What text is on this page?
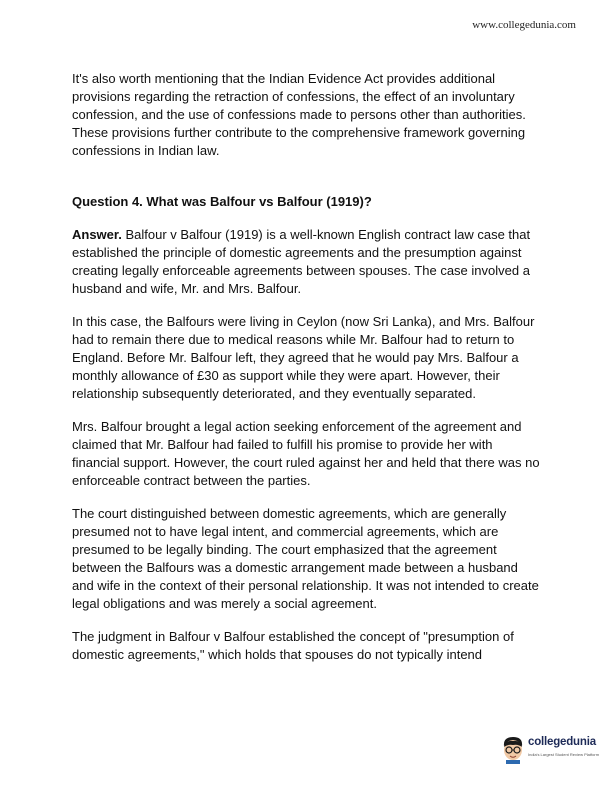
www.collegedunia.com

It's also worth mentioning that the Indian Evidence Act provides additional provisions regarding the retraction of confessions, the effect of an involuntary confession, and the use of confessions made to persons other than authorities. These provisions further contribute to the comprehensive framework governing confessions in Indian law.

Question 4. What was Balfour vs Balfour (1919)?

Answer. Balfour v Balfour (1919) is a well-known English contract law case that established the principle of domestic agreements and the presumption against creating legally enforceable agreements between spouses. The case involved a husband and wife, Mr. and Mrs. Balfour.

In this case, the Balfours were living in Ceylon (now Sri Lanka), and Mrs. Balfour had to remain there due to medical reasons while Mr. Balfour had to return to England. Before Mr. Balfour left, they agreed that he would pay Mrs. Balfour a monthly allowance of £30 as support while they were apart. However, their relationship subsequently deteriorated, and they eventually separated.

Mrs. Balfour brought a legal action seeking enforcement of the agreement and claimed that Mr. Balfour had failed to fulfill his promise to provide her with financial support. However, the court ruled against her and held that there was no enforceable contract between the parties.

The court distinguished between domestic agreements, which are generally presumed not to have legal intent, and commercial agreements, which are presumed to be legally binding. The court emphasized that the agreement between the Balfours was a domestic arrangement made between a husband and wife in the context of their personal relationship. It was not intended to create legal obligations and was merely a social agreement.

The judgment in Balfour v Balfour established the concept of "presumption of domestic agreements," which holds that spouses do not typically intend

collegedunia
India's Largest Student Review Platform
